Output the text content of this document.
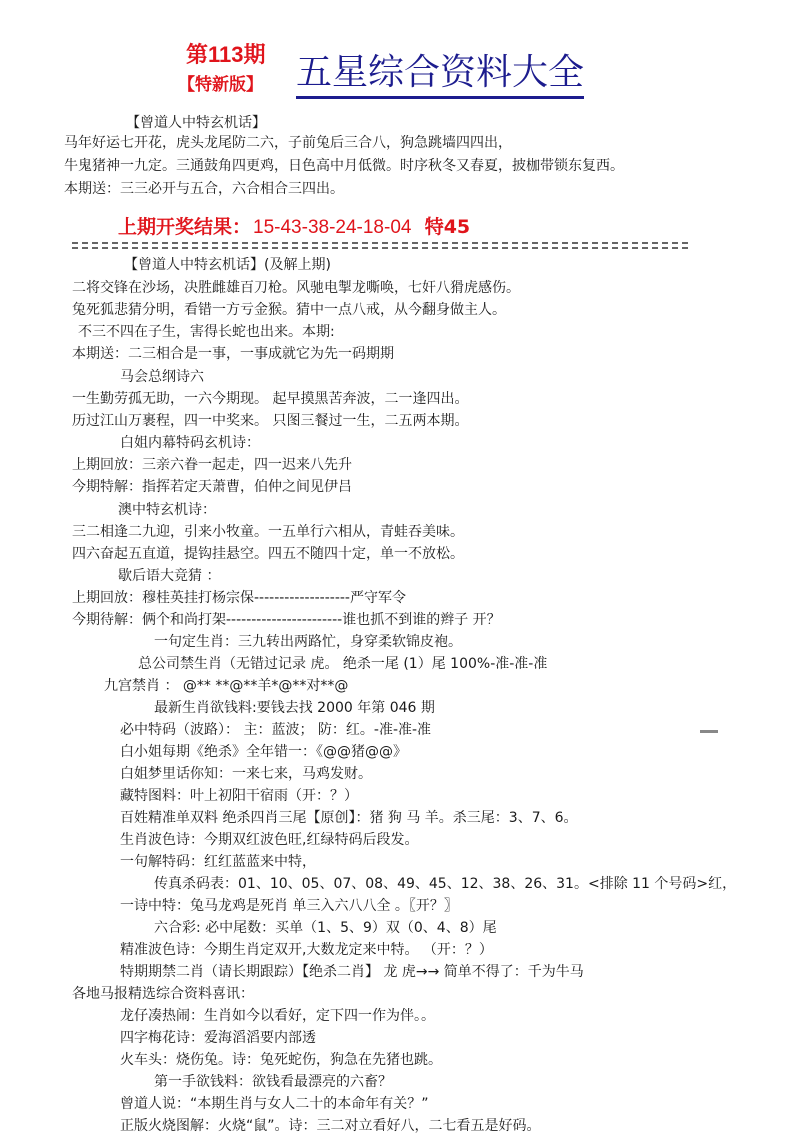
第113期
【特新版】 五星综合资料大全
【曾道人中特玄机话】
马年好运七开花，虎头龙尾防二六，子前兔后三合八，狗急跳墙四四出，
牛鬼猪神一九定。三通鼓角四更鸡，日色高中月低微。时序秋冬又春夏，披枷带锁东复西。
本期送：三三必开与五合，六合相合三四出。
上期开奖结果： 15-43-38-24-18-04 特45
【曾道人中特玄机话】(及解上期)
二将交锋在沙场，决胜雌雄百刀枪。风驰电掣龙嘶唤，七奸八猾虎感伤。
兔死狐悲猜分明，看错一方亏金猴。猜中一点八戒，从今翻身做主人。
不三不四在子生，害得长蛇也出来。本期:
本期送：二三相合是一事，一事成就它为先一码期期
马会总纲诗六
一生勤劳孤无助，一六今期现。 起早摸黑苦奔波，二一逢四出。
历过江山万裹程，四一中奖来。 只图三餐过一生，二五两本期。
白姐内幕特码玄机诗：
上期回放：三亲六眷一起走，四一迟来八先升
今期特解：指挥若定天萧曹，伯仲之间见伊吕
澳中特玄机诗：
三二相逢二九迎，引来小牧童。一五单行六相从，青蛙吞美味。
四六奋起五直道，提钩挂悬空。四五不随四十定，单一不放松。
歇后语大竞猜 ：
上期回放：穆桂英挂打杨宗保-------------------严守军令
今期待解：俩个和尚打架-----------------------谁也抓不到谁的辫子 开？
一句定生肖：三九转出两路忙，身穿柔软锦皮袍。
总公司禁生肖（无错过记录 虎。 绝杀一尾 (1）尾 100%-准-准-准
九宫禁肖 ： @** **@**羊*@**对**@
最新生肖欲钱料:要钱去找 2000 年第 046 期
必中特码（波路）： 主：蓝波； 防：红。-准-准-准
白小姐每期《绝杀》全年错一：《@@猪@@》
白姐梦里话你知：一来七来，马鸡发财。
藏特图料：叶上初阳干宿雨（开：？）
百姓精准单双料 绝杀四肖三尾【原创】：猪 狗 马 羊。杀三尾：3、7、6。
生肖波色诗：今期双红波色旺,红绿特码后段发。
一句解特码：红红蓝蓝来中特，
传真杀码表：01、10、05、07、08、49、45、12、38、26、31。<排除 11 个号码>红，
一诗中特：兔马龙鸡是死肖 单三入六八八全 。〖开？〗
六合彩: 必中尾数：买单（1、5、9）双（0、4、8）尾
精准波色诗：今期生肖定双开,大数龙定来中特。 （开：？）
特期期禁二肖（请长期跟踪）【绝杀二肖】 龙 虎→→ 简单不得了：千为牛马
各地马报精选综合资料喜讯：
龙仔凑热闹：生肖如今以看好，定下四一作为伴。。
四字梅花诗：爱海滔滔要内部透
火车头：烧伤兔。诗：兔死蛇伤，狗急在先猪也跳。
第一手欲钱料：欲钱看最漂亮的六畜？
曾道人说：“本期生肖与女人二十的本命年有关？”
正版火烧图解：火烧“鼠”。诗：三二对立看好八，二七看五是好码。
